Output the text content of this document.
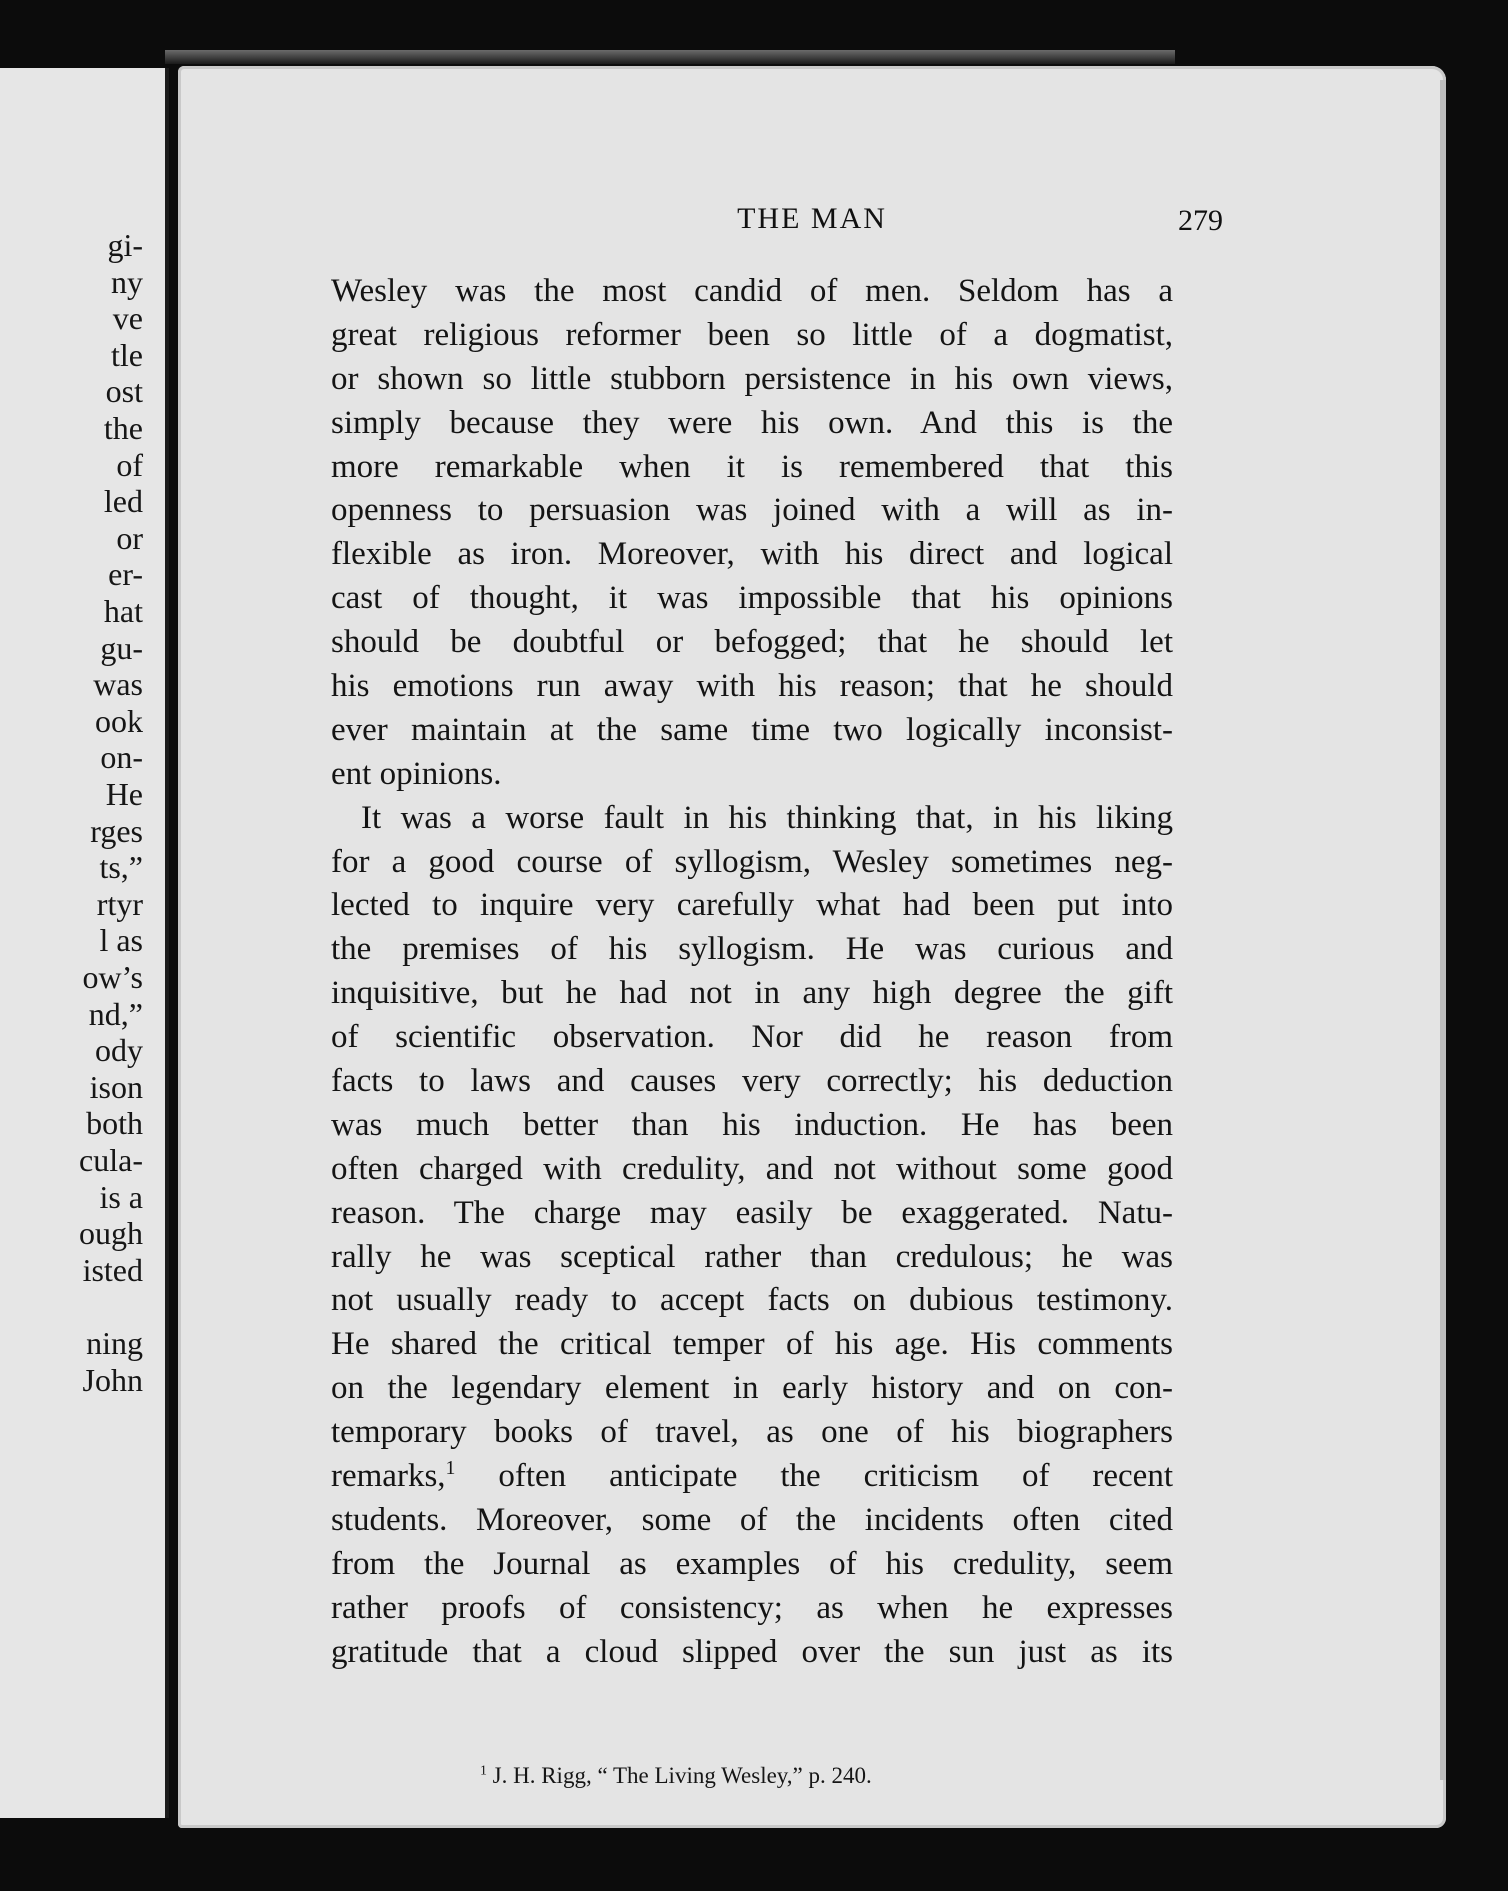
gi-
ny
ve
tle
ost
the
of
led
or
er-
hat
gu-
was
ook
on-
He
rges
ts,”
rtyr
l as
ow’s
nd,”
ody
ison
both
cula-
is a
ough
isted
ning
John
THE MAN	279
Wesley was the most candid of men. Seldom has a
great religious reformer been so little of a dogmatist,
or shown so little stubborn persistence in his own views,
simply because they were his own. And this is the
more remarkable when it is remembered that this
openness to persuasion was joined with a will as in-
flexible as iron. Moreover, with his direct and logical
cast of thought, it was impossible that his opinions
should be doubtful or befogged; that he should let
his emotions run away with his reason; that he should
ever maintain at the same time two logically inconsist-
ent opinions.
It was a worse fault in his thinking that, in his liking
for a good course of syllogism, Wesley sometimes neg-
lected to inquire very carefully what had been put into
the premises of his syllogism. He was curious and
inquisitive, but he had not in any high degree the gift
of scientific observation. Nor did he reason from
facts to laws and causes very correctly; his deduction
was much better than his induction. He has been
often charged with credulity, and not without some good
reason. The charge may easily be exaggerated. Natu-
rally he was sceptical rather than credulous; he was
not usually ready to accept facts on dubious testimony.
He shared the critical temper of his age. His comments
on the legendary element in early history and on con-
temporary books of travel, as one of his biographers
remarks,$^1$ often anticipate the criticism of recent
students. Moreover, some of the incidents often cited
from the Journal as examples of his credulity, seem
rather proofs of consistency; as when he expresses
gratitude that a cloud slipped over the sun just as its
$^1$ J. H. Rigg, “ The Living Wesley,” p. 240.
